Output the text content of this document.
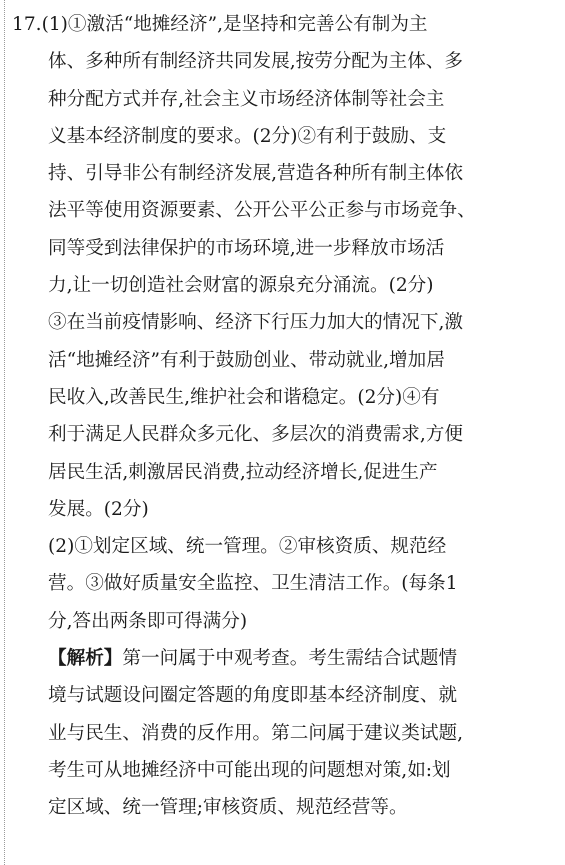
17.(1)①激活“地摊经济”,是坚持和完善公有制为主
体、多种所有制经济共同发展,按劳分配为主体、多
种分配方式并存,社会主义市场经济体制等社会主
义基本经济制度的要求。(2分)②有利于鼓励、支
持、引导非公有制经济发展,营造各种所有制主体依
法平等使用资源要素、公开公平公正参与市场竞争、
同等受到法律保护的市场环境,进一步释放市场活
力,让一切创造社会财富的源泉充分涌流。(2分)
③在当前疫情影响、经济下行压力加大的情况下,激
活“地摊经济”有利于鼓励创业、带动就业,增加居
民收入,改善民生,维护社会和谐稳定。(2分)④有
利于满足人民群众多元化、多层次的消费需求,方便
居民生活,刺激居民消费,拉动经济增长,促进生产
发展。(2分)
(2)①划定区域、统一管理。②审核资质、规范经
营。③做好质量安全监控、卫生清洁工作。(每条1
分,答出两条即可得满分)
【解析】第一问属于中观考查。考生需结合试题情
境与试题设问圈定答题的角度即基本经济制度、就
业与民生、消费的反作用。第二问属于建议类试题,
考生可从地摊经济中可能出现的问题想对策,如:划
定区域、统一管理;审核资质、规范经营等。
